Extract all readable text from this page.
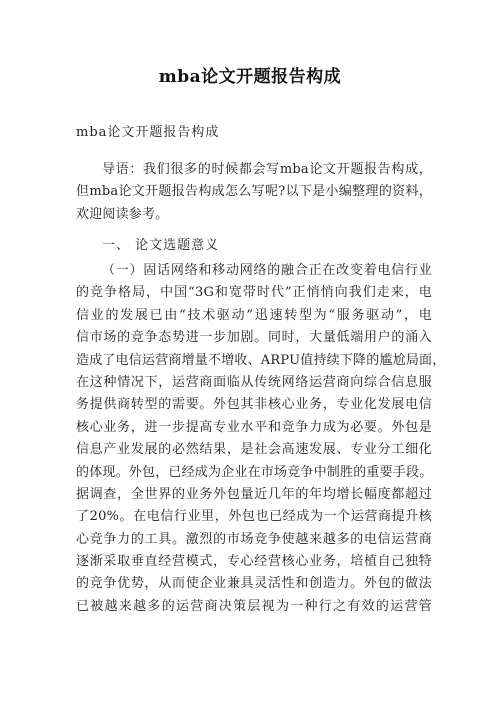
mba论文开题报告构成
mba论文开题报告构成
导语：我们很多的时候都会写mba论文开题报告构成，
但mba论文开题报告构成怎么写呢?以下是小编整理的资料，
欢迎阅读参考。
一、 论文选题意义
（一）固话网络和移动网络的融合正在改变着电信行业
的竞争格局，中国“3G和宽带时代”正悄悄向我们走来，电
信业的发展已由“技术驱动”迅速转型为“服务驱动”，电
信市场的竞争态势进一步加剧。同时，大量低端用户的涌入
造成了电信运营商增量不增收、ARPU值持续下降的尴尬局面，
在这种情况下，运营商面临从传统网络运营商向综合信息服
务提供商转型的需要。外包其非核心业务，专业化发展电信
核心业务，进一步提高专业水平和竞争力成为必要。外包是
信息产业发展的必然结果，是社会高速发展、专业分工细化
的体现。外包，已经成为企业在市场竞争中制胜的重要手段。
据调查，全世界的业务外包量近几年的年均增长幅度都超过
了20%。在电信行业里，外包也已经成为一个运营商提升核
心竞争力的工具。激烈的市场竞争使越来越多的电信运营商
逐渐采取垂直经营模式，专心经营核心业务，培植自己独特
的竞争优势，从而使企业兼具灵活性和创造力。外包的做法
已被越来越多的运营商决策层视为一种行之有效的运营管
